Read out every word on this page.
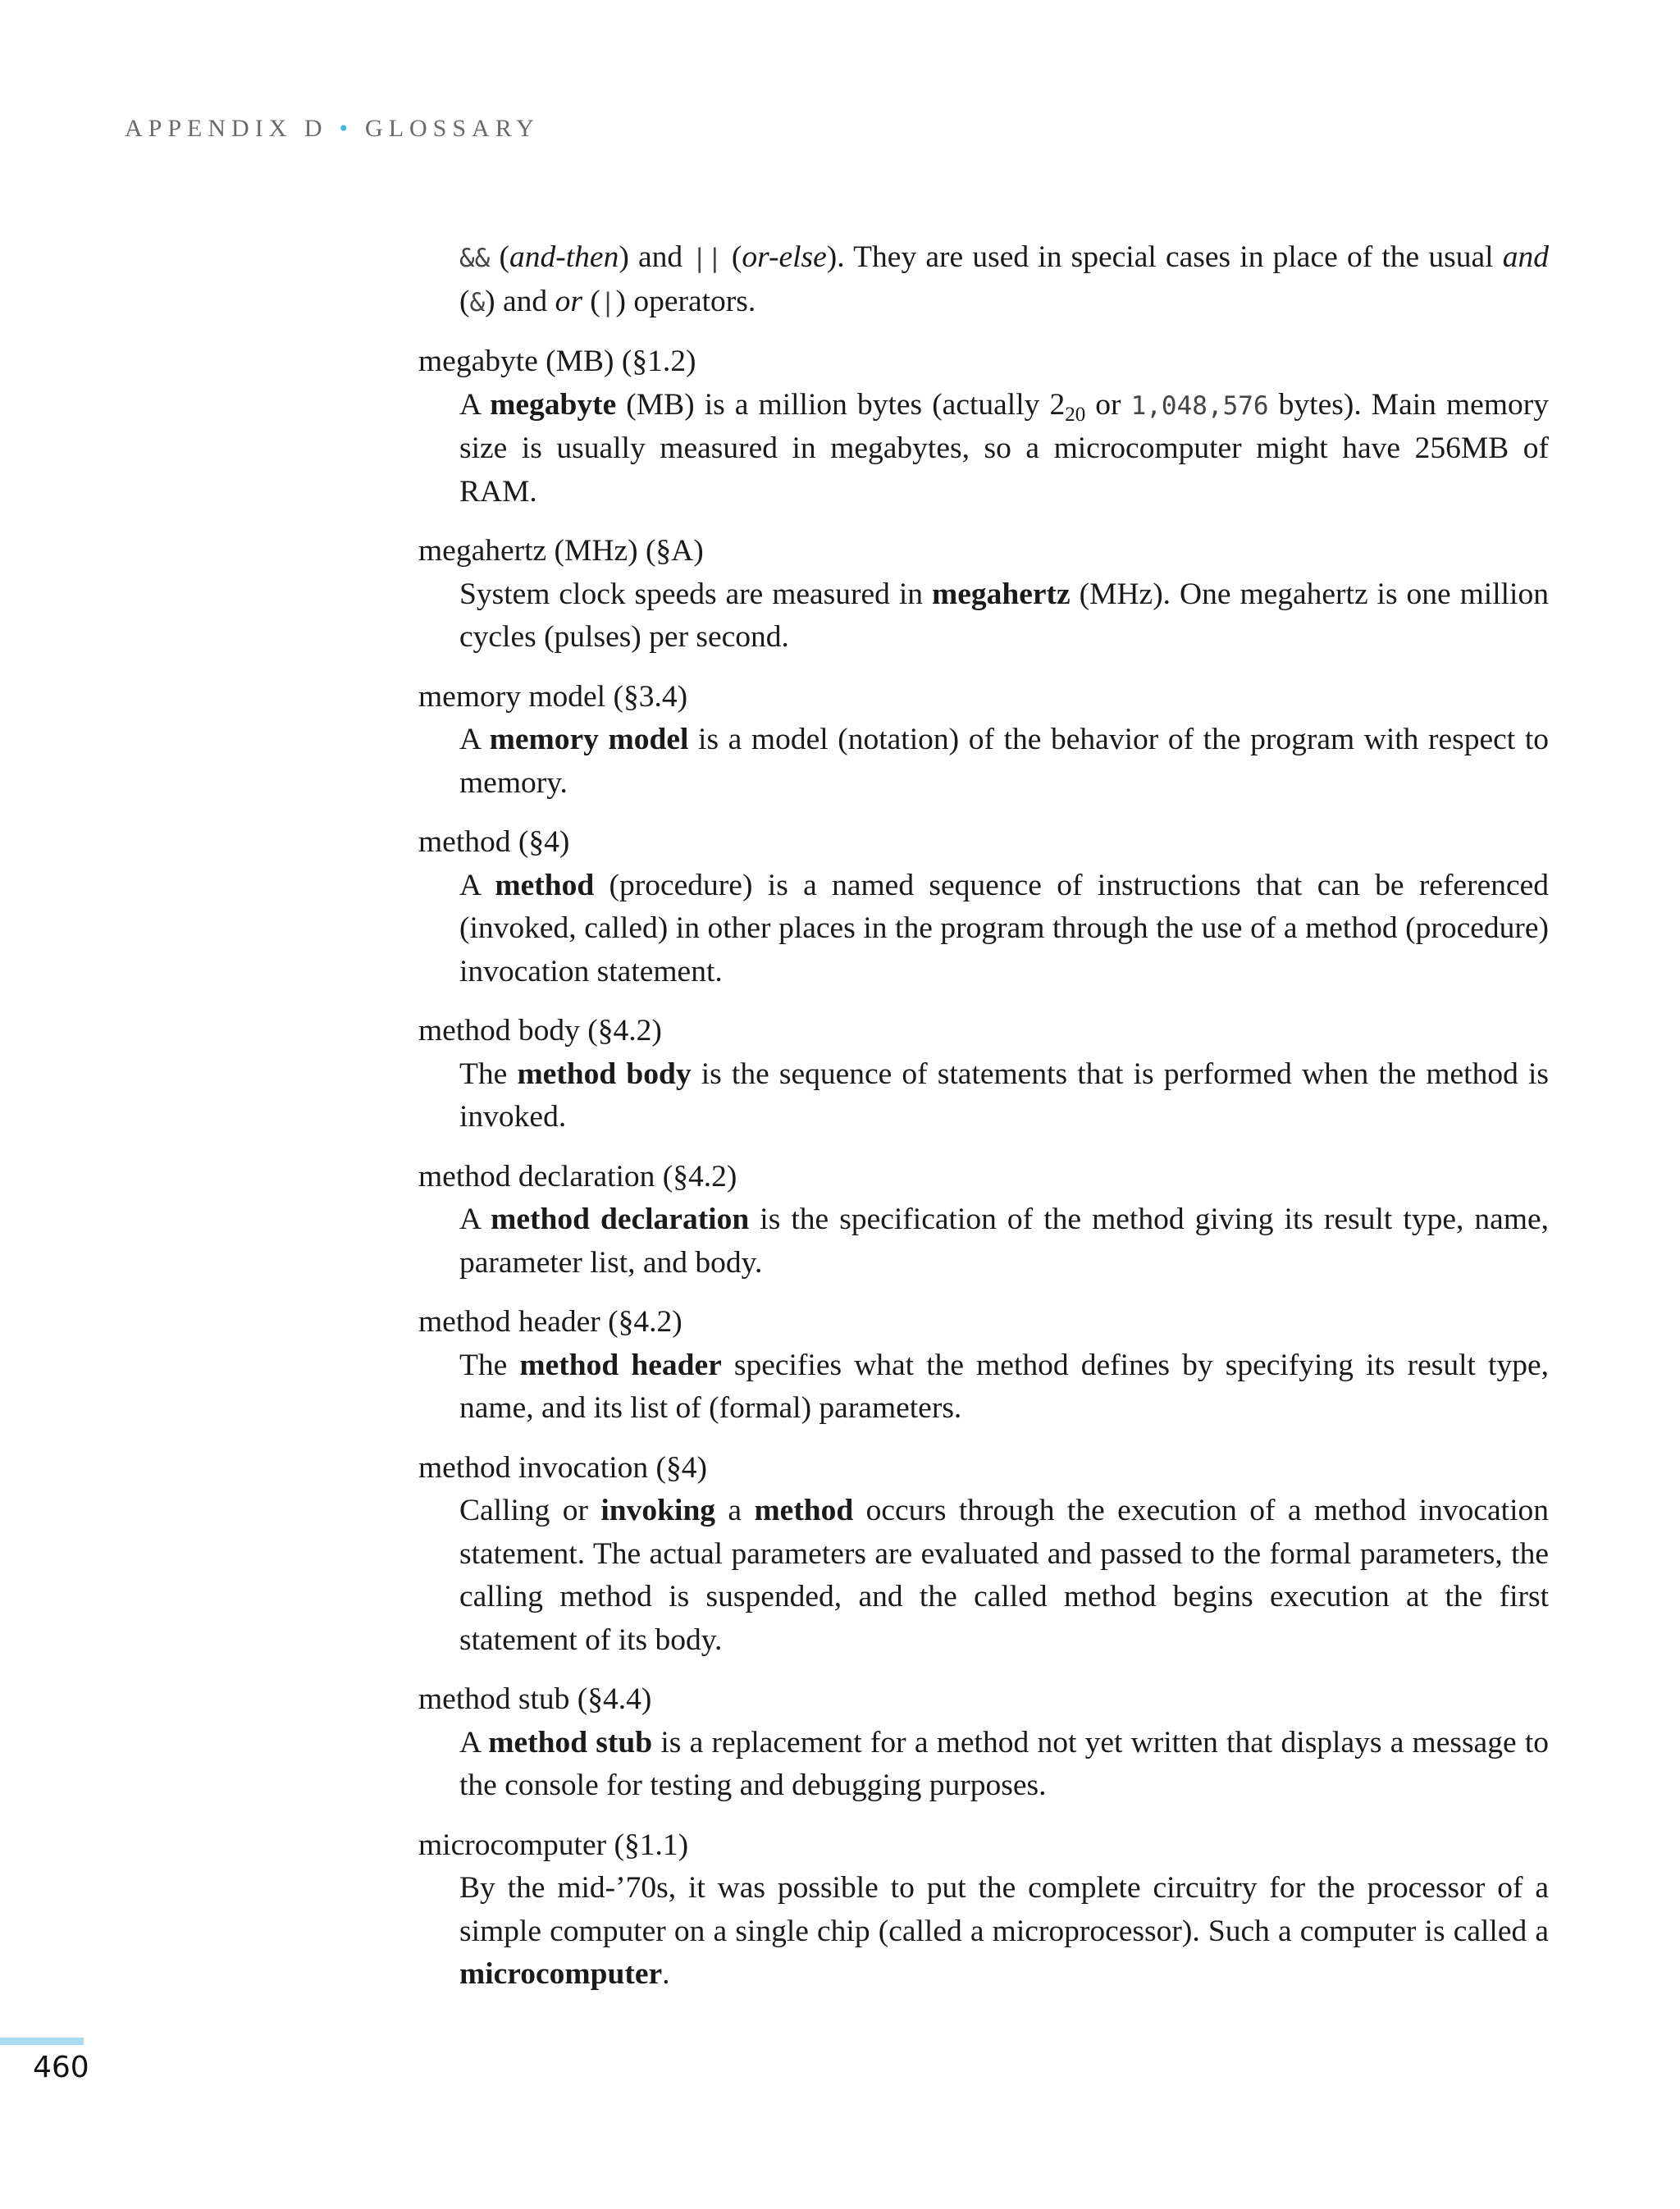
APPENDIX D • GLOSSARY

&& (and-then) and || (or-else). They are used in special cases in place of the usual and (&) and or (|) operators.

megabyte (MB) (§1.2)

A megabyte (MB) is a million bytes (actually $2_{20}$ or 1,048,576 bytes). Main memory size is usually measured in megabytes, so a microcomputer might have 256MB of RAM.

megahertz (MHz) (§A)

System clock speeds are measured in megahertz (MHz). One megahertz is one million cycles (pulses) per second.

memory model (§3.4)

A memory model is a model (notation) of the behavior of the program with respect to memory.

method (§4)

A method (procedure) is a named sequence of instructions that can be referenced (invoked, called) in other places in the program through the use of a method (procedure) invocation statement.

method body (§4.2)

The method body is the sequence of statements that is performed when the method is invoked.

method declaration (§4.2)

A method declaration is the specification of the method giving its result type, name, parameter list, and body.

method header (§4.2)

The method header specifies what the method defines by specifying its result type, name, and its list of (formal) parameters.

method invocation (§4)

Calling or invoking a method occurs through the execution of a method invocation statement. The actual parameters are evaluated and passed to the formal parameters, the calling method is suspended, and the called method begins execution at the first statement of its body.

method stub (§4.4)

A method stub is a replacement for a method not yet written that displays a message to the console for testing and debugging purposes.

microcomputer (§1.1)

By the mid-’70s, it was possible to put the complete circuitry for the processor of a simple computer on a single chip (called a microprocessor). Such a computer is called a microcomputer.

460
